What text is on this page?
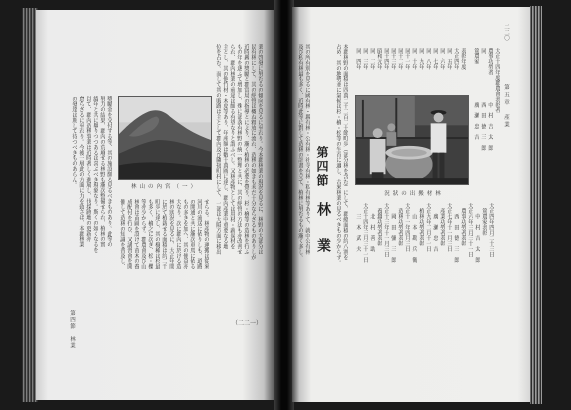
業の啓發に努むるの傾向を見るに至れり。今本郡林業の現況を見るに、林野の大部分は
民有林にして、其の經營は概ね粗放に流れ、造林の如きも未だ十分ならざるものありしが
近時縣の獎勵と郡當局の指導とにより、漸く植林の必要を覺り、杉・檜等の造林を行ふ
もの年を逐ふて增加し、殊に部落有林野の統一整理と共に、其の經營の方法も亦改善せ
られ、郡內林業の前途は頗る有望なりと謂ふべし。又林產物としては用材・薪炭材を
主とし、其の他竹材・木皮等あり、年產額は數十萬圓に達し、郡內產業中重要なる地
位を占む。而して其の販路は主として郡內及び隣接町村にして、一部は大阪方面に移出
（一）宮內の山林
せらる。林產物の運搬は從來
河川の流送に依りしも、道路
の開通と共に漸次車馬に依る
もの多きを加へ、其の便益亦
大なり。次に郡內に於ける造
林の狀況を見るに、大正年間
に於て植栽せる面積は約二千
町歩に達し、其の樹種は杉最
も多く、檜之に次ぎ、松・櫟
等亦少からず。郡農會及び山
林會は苗圃を設けて苗木の養
成配付を行ひ、又講習會を開
催して造林の知識を普及し、
獎勵金を交付する等、其の施設頗る見るべきものあり。此等の
努力の結果、郡內の荒廢せる林野も漸次整備せられ、植林の實
績年と共に擧りつつあるは喜ぶべき現象なり。斯くの如くなるを
以て、郡內造林事業は近時著しく進展し、伐採跡地の更新亦
怠らざるに至れり。今後一層此の方面に力を致さば、本郡林業
の發達は期して待つべきものあらん。
第四節　林業	（二二一）
二二〇
第五章　產業
大正十四年度郡農會表彰者
農事功勞者　　　　　中　村　吉　太　郎
同　　　　　　　　　西　田　德　三　郎
篤農家　　　　　　　廣　瀨　忠　吉
表彰年度
大正四年
同　五年
同　六年
同　七年
同　八年
同　九年
同　十年
同十一年
同十二年
同十三年
同十四年
昭和元年
同　二年
同　三年
同　四年
林材搬出の狀況
大正四年四月二十三日
　篤農家表彰
　　中　村　吉　太　郎
大正六年三月三十一日
　農事功勞者表彰
　　西　田　德　三　郎
大正七年十一月三日
　產業功勞者表彰
　　廣　瀨　忠　吉
大正九年二月十一日
　植林功勞者表彰
　　山　本　勘　兵　衛
大正十一年四月三日
　造林功勞者表彰
　　岡　田　彌　三　郎
大正十三年十一月三日
　養蠶功勞者表彰
　　北　村　善　助
大正十四年三月三十一日
　　三　木　武　夫
本郡林野の面積は四萬二千二百二十餘町歩（部分林を含む）にして、郡總面積の約八割を
占め、其の地勢並に氣候は杉・檜・松等の生育に適し、古來林業の見るべきもの少からず。
第四節
林
業
其の所有別を見るに國有林・縣有林・公有林・社寺有林・私有林等ありて、就中公有林
及び私有林最も多く、近時此等に對して造林の計畫を立て、植林に努むるもの漸く多し。
